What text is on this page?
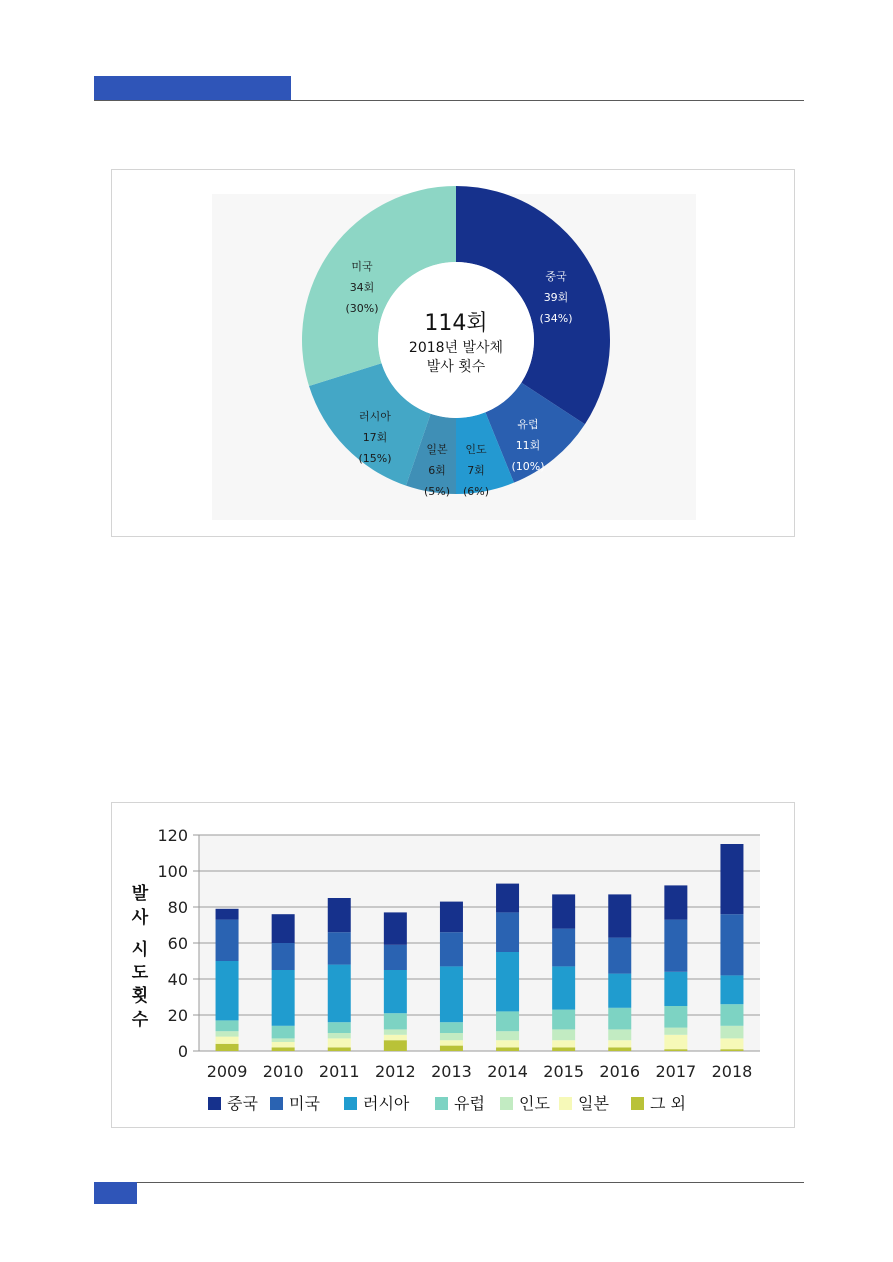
114회
2018년 발사체
발사 횟수
중국
39회
(34%)
유럽
11회
(10%)
인도
7회
(6%)
일본
6회
(5%)
러시아
17회
(15%)
미국
34회
(30%)
0
20
40
60
80
100
120
발
사
시
도
횟
수
2009 2010 2011 2012 2013 2014 2015 2016 2017 2018
중국 미국	러시아	유럽 인도 일본	그 외
